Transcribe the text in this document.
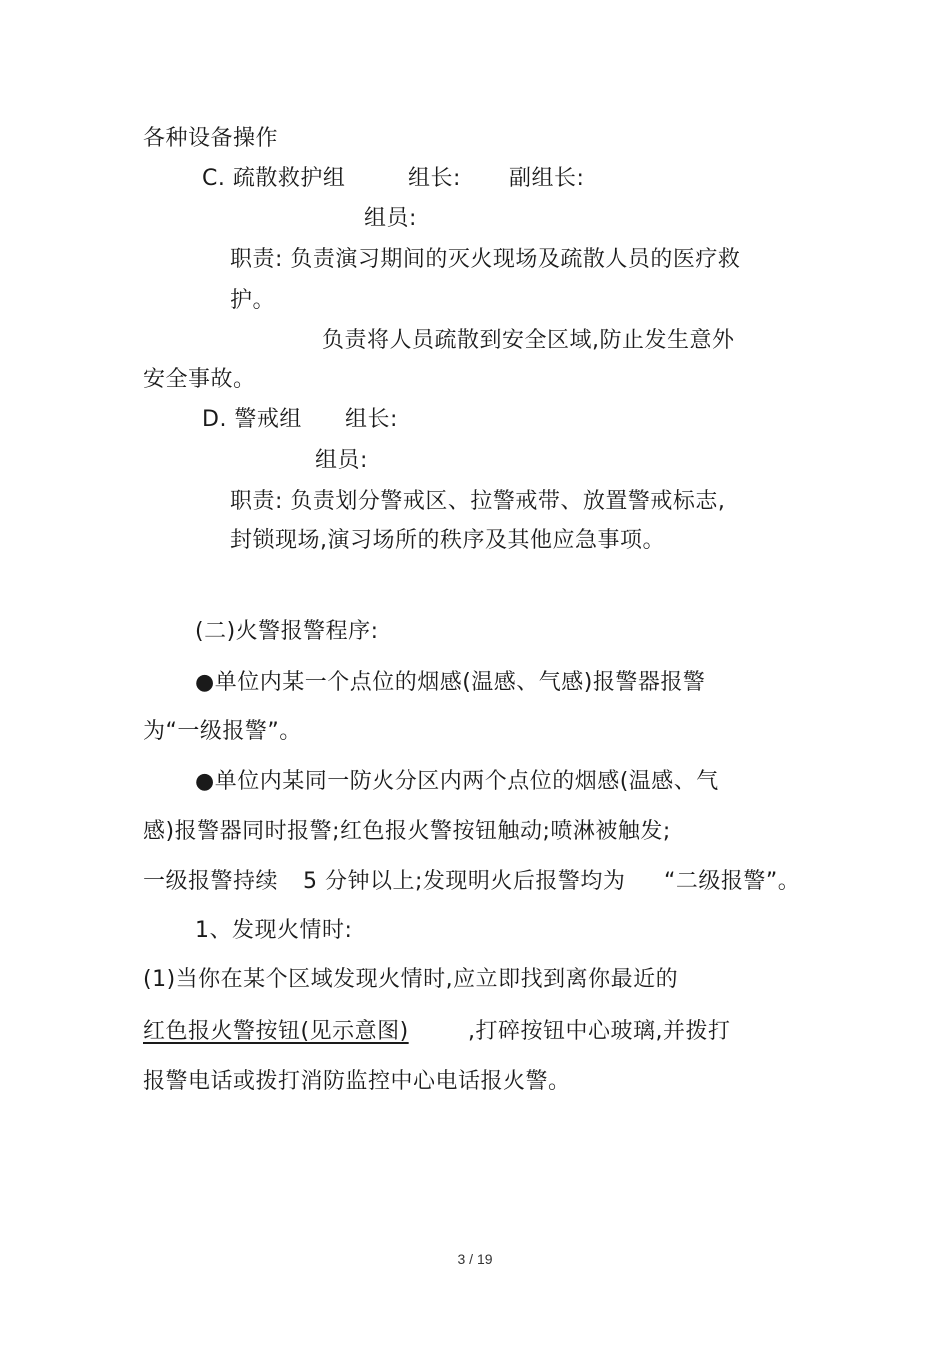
各种设备操作
C. 疏散救护组	组长: 副组长:
组员:
职责: 负责演习期间的灭火现场及疏散人员的医疗救
护。
负责将人员疏散到安全区域,防止发生意外
安全事故。
D. 警戒组 组长:
组员:
职责: 负责划分警戒区、拉警戒带、放置警戒标志,
封锁现场,演习场所的秩序及其他应急事项。
(二)火警报警程序:
●单位内某一个点位的烟感(温感、气感)报警器报警
为“一级报警”。
●单位内某同一防火分区内两个点位的烟感(温感、气
感)报警器同时报警;红色报火警按钮触动;喷淋被触发;
一级报警持续 5 分钟以上;发现明火后报警均为 “二级报警”。
1、发现火情时:
(1)当你在某个区域发现火情时,应立即找到离你最近的
红色报火警按钮(见示意图)	,打碎按钮中心玻璃,并拨打
报警电话或拨打消防监控中心电话报火警。
3 / 19
